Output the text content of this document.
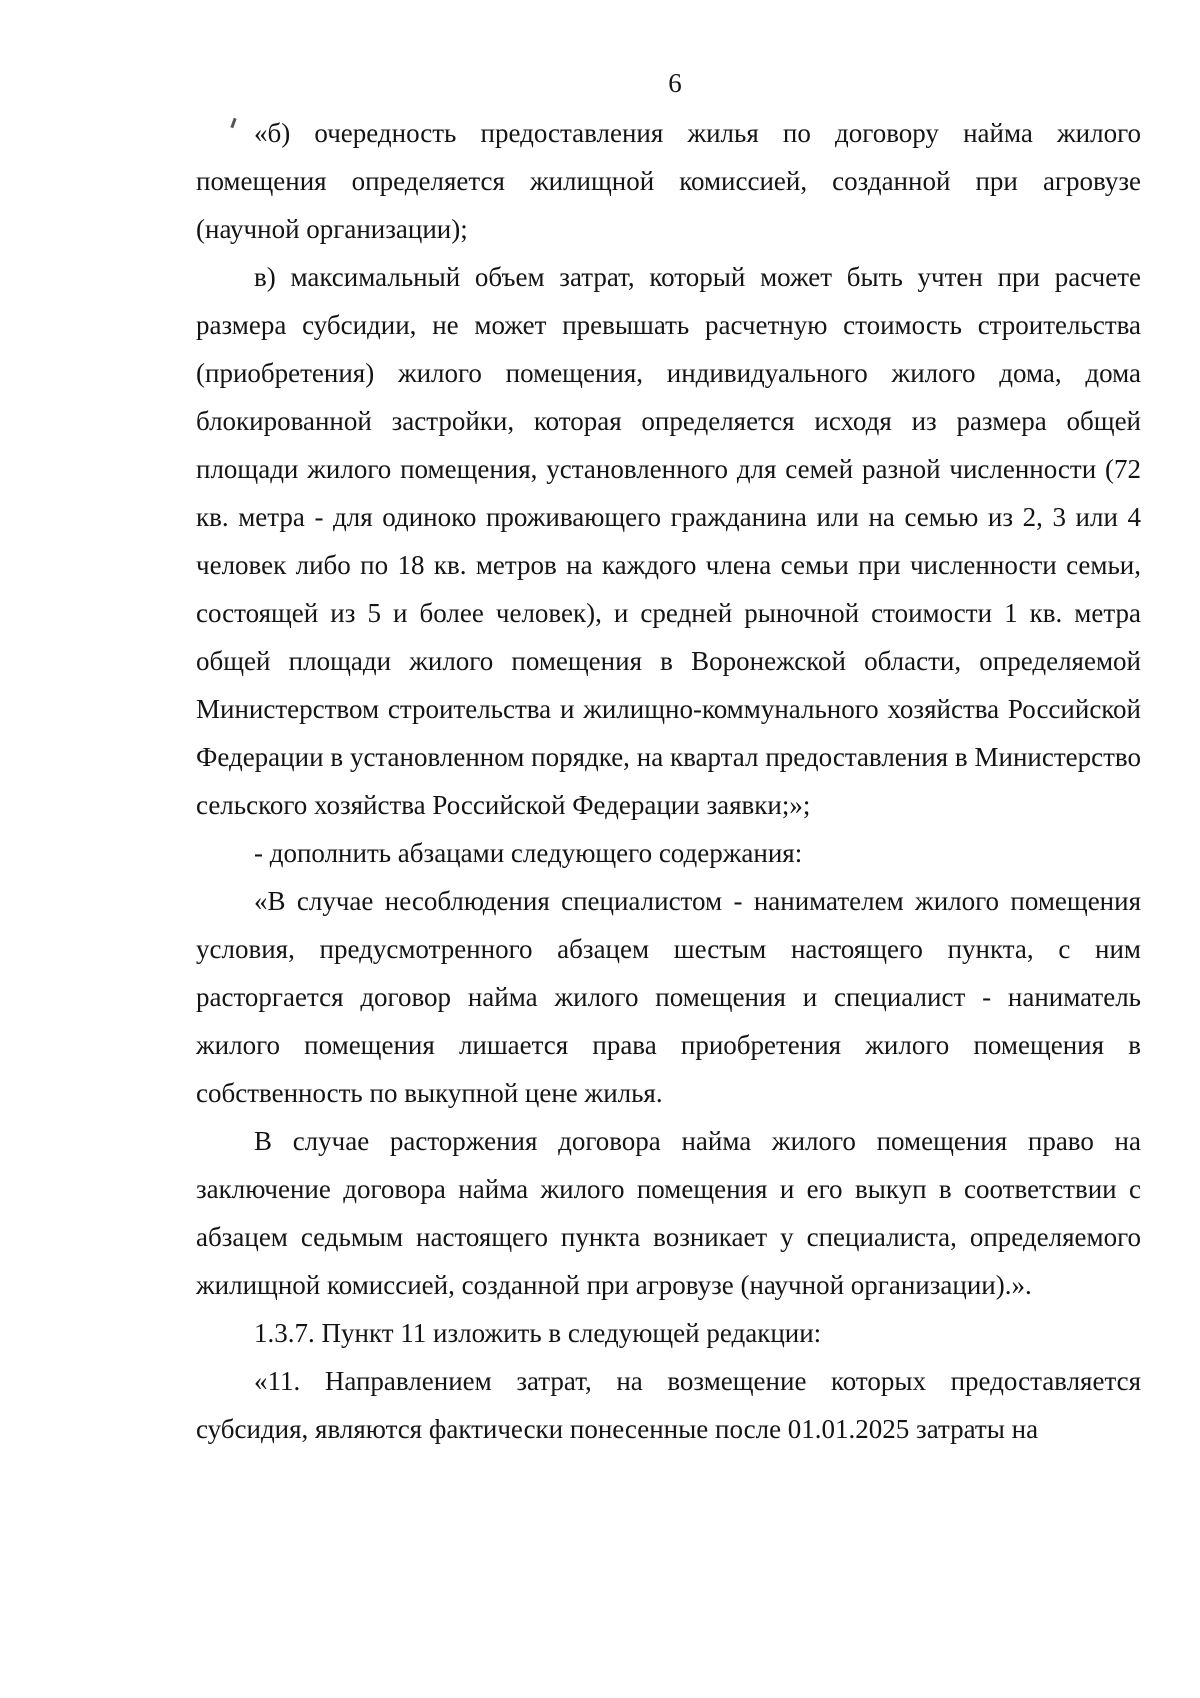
6

«б) очередность предоставления жилья по договору найма жилого помещения определяется жилищной комиссией, созданной при агровузе (научной организации);

в) максимальный объем затрат, который может быть учтен при расчете размера субсидии, не может превышать расчетную стоимость строительства (приобретения) жилого помещения, индивидуального жилого дома, дома блокированной застройки, которая определяется исходя из размера общей площади жилого помещения, установленного для семей разной численности (72 кв. метра - для одиноко проживающего гражданина или на семью из 2, 3 или 4 человек либо по 18 кв. метров на каждого члена семьи при численности семьи, состоящей из 5 и более человек), и средней рыночной стоимости 1 кв. метра общей площади жилого помещения в Воронежской области, определяемой Министерством строительства и жилищно-коммунального хозяйства Российской Федерации в установленном порядке, на квартал предоставления в Министерство сельского хозяйства Российской Федерации заявки;»;

- дополнить абзацами следующего содержания:

«В случае несоблюдения специалистом - нанимателем жилого помещения условия, предусмотренного абзацем шестым настоящего пункта, с ним расторгается договор найма жилого помещения и специалист - наниматель жилого помещения лишается права приобретения жилого помещения в собственность по выкупной цене жилья.

В случае расторжения договора найма жилого помещения право на заключение договора найма жилого помещения и его выкуп в соответствии с абзацем седьмым настоящего пункта возникает у специалиста, определяемого жилищной комиссией, созданной при агровузе (научной организации).».

1.3.7. Пункт 11 изложить в следующей редакции:

«11. Направлением затрат, на возмещение которых предоставляется субсидия, являются фактически понесенные после 01.01.2025 затраты на
